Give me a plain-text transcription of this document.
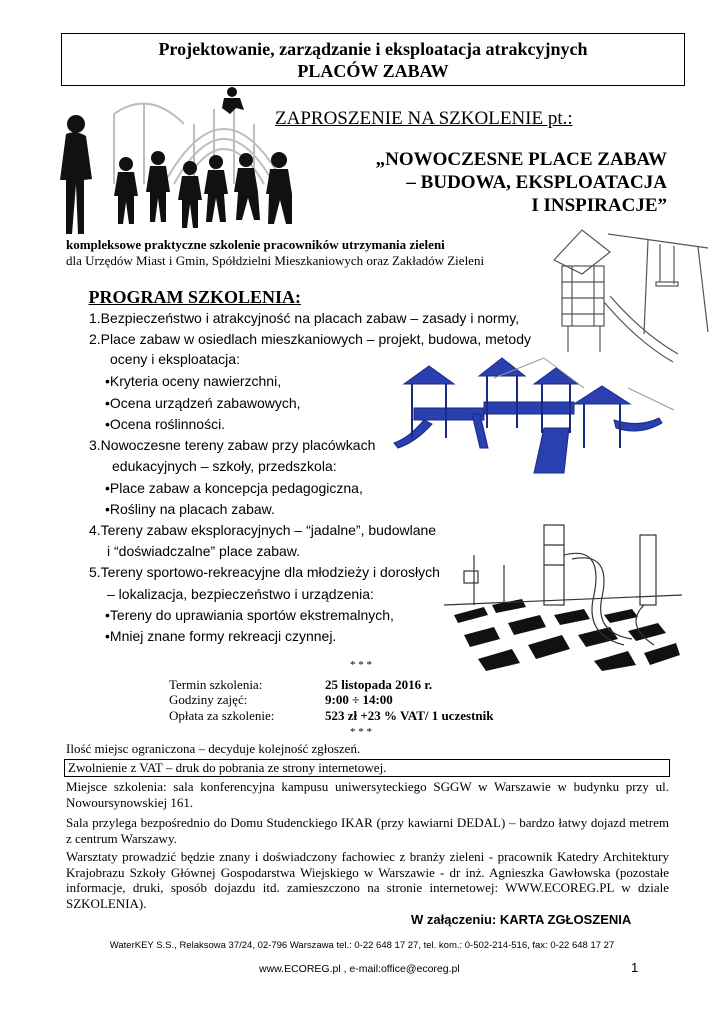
Projektowanie, zarządzanie i eksploatacja atrakcyjnych
PLACÓW ZABAW
ZAPROSZENIE NA SZKOLENIE pt.:
„NOWOCZESNE PLACE ZABAW
– BUDOWA, EKSPLOATACJA
I INSPIRACJE”
kompleksowe praktyczne szkolenie pracowników utrzymania zieleni
dla Urzędów Miast i Gmin, Spółdzielni Mieszkaniowych oraz Zakładów Zieleni
PROGRAM SZKOLENIA:
1.Bezpieczeństwo i atrakcyjność na placach zabaw – zasady i normy,
2.Place zabaw w osiedlach mieszkaniowych – projekt, budowa, metody
oceny i eksploatacja:
•Kryteria oceny nawierzchni,
•Ocena urządzeń zabawowych,
•Ocena roślinności.
3.Nowoczesne tereny zabaw przy placówkach
edukacyjnych – szkoły, przedszkola:
•Place zabaw a koncepcja pedagogiczna,
•Rośliny na placach zabaw.
4.Tereny zabaw eksploracyjnych – “jadalne”, budowlane
i “doświadczalne” place zabaw.
5.Tereny sportowo-rekreacyjne dla młodzieży i dorosłych
– lokalizacja, bezpieczeństwo i urządzenia:
•Tereny do uprawiania sportów ekstremalnych,
•Mniej znane formy rekreacji czynnej.
* * *
Termin szkolenia:	25 listopada 2016 r.
Godziny zajęć:	9:00 ÷ 14:00
Opłata za szkolenie:	523 zł +23 % VAT/ 1 uczestnik
* * *
Ilość miejsc ograniczona – decyduje kolejność zgłoszeń.
Zwolnienie z VAT – druk do pobrania ze strony internetowej.
Miejsce szkolenia: sala konferencyjna kampusu uniwersyteckiego SGGW w Warszawie w budynku przy ul. Nowoursynowskiej 161.
Sala przylega bezpośrednio do Domu Studenckiego IKAR (przy kawiarni DEDAL) – bardzo łatwy dojazd metrem z centrum Warszawy.
Warsztaty prowadzić będzie znany i doświadczony fachowiec z branży zieleni - pracownik Katedry Architektury Krajobrazu Szkoły Głównej Gospodarstwa Wiejskiego w Warszawie - dr inż. Agnieszka Gawłowska (pozostałe informacje, druki, sposób dojazdu itd. zamieszczono na stronie internetowej: WWW.ECOREG.PL w dziale SZKOLENIA).
W załączeniu: KARTA ZGŁOSZENIA
WaterKEY S.S., Relaksowa 37/24, 02-796 Warszawa tel.: 0-22 648 17 27, tel. kom.: 0-502-214-516, fax: 0-22 648 17 27
www.ECOREG.pl , e-mail:office@ecoreg.pl	1
